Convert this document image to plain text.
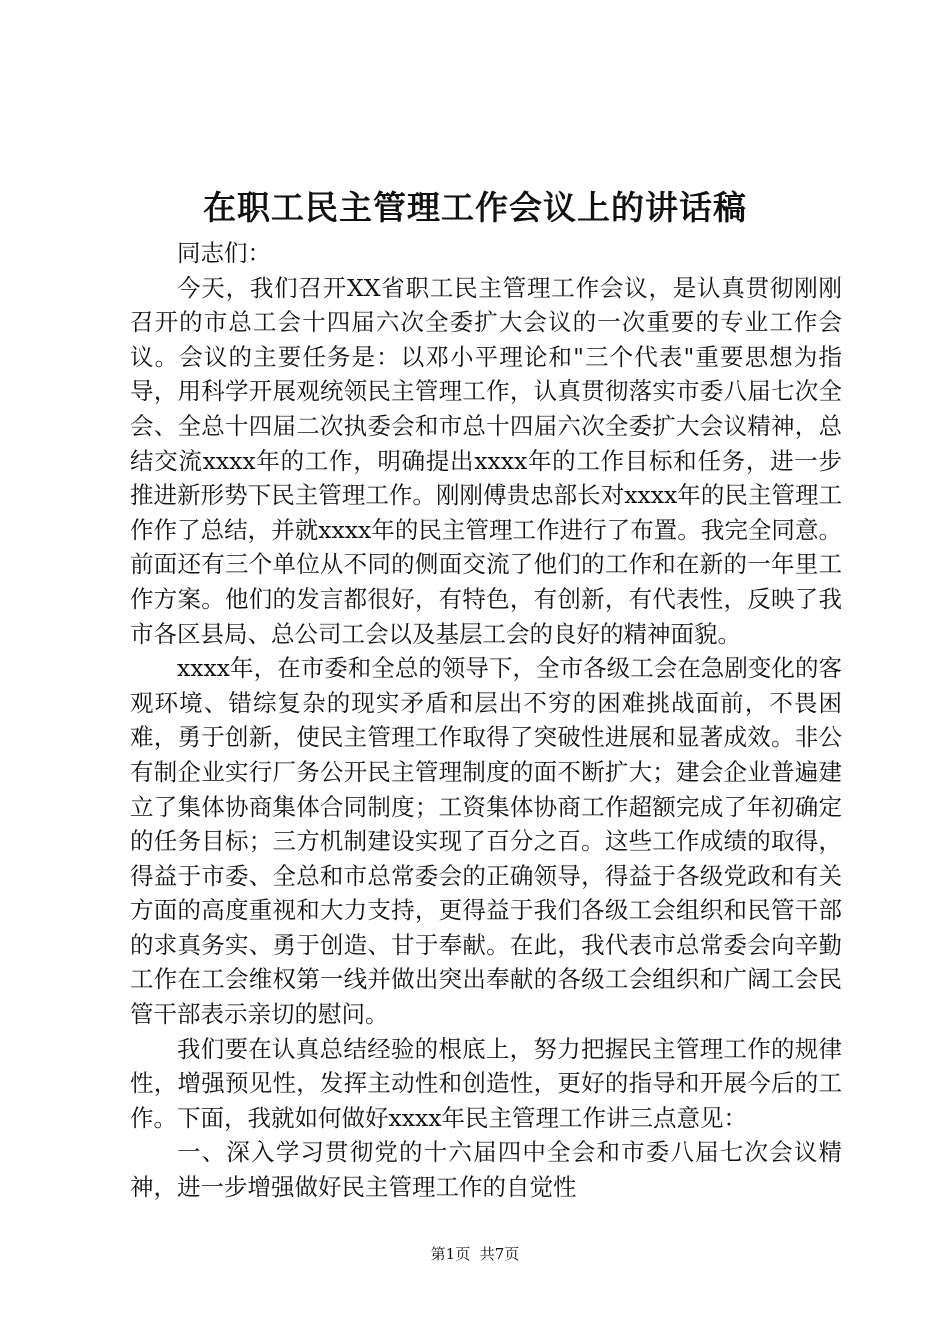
在职工民主管理工作会议上的讲话稿

同志们：

今天，我们召开XX省职工民主管理工作会议，是认真贯彻刚刚召开的市总工会十四届六次全委扩大会议的一次重要的专业工作会议。会议的主要任务是：以邓小平理论和"三个代表"重要思想为指导，用科学开展观统领民主管理工作，认真贯彻落实市委八届七次全会、全总十四届二次执委会和市总十四届六次全委扩大会议精神，总结交流xxxx年的工作，明确提出xxxx年的工作目标和任务，进一步推进新形势下民主管理工作。刚刚傅贵忠部长对xxxx年的民主管理工作作了总结，并就xxxx年的民主管理工作进行了布置。我完全同意。前面还有三个单位从不同的侧面交流了他们的工作和在新的一年里工作方案。他们的发言都很好，有特色，有创新，有代表性，反映了我市各区县局、总公司工会以及基层工会的良好的精神面貌。

xxxx年，在市委和全总的领导下，全市各级工会在急剧变化的客观环境、错综复杂的现实矛盾和层出不穷的困难挑战面前，不畏困难，勇于创新，使民主管理工作取得了突破性进展和显著成效。非公有制企业实行厂务公开民主管理制度的面不断扩大；建会企业普遍建立了集体协商集体合同制度；工资集体协商工作超额完成了年初确定的任务目标；三方机制建设实现了百分之百。这些工作成绩的取得，得益于市委、全总和市总常委会的正确领导，得益于各级党政和有关方面的高度重视和大力支持，更得益于我们各级工会组织和民管干部的求真务实、勇于创造、甘于奉献。在此，我代表市总常委会向辛勤工作在工会维权第一线并做出突出奉献的各级工会组织和广阔工会民管干部表示亲切的慰问。

我们要在认真总结经验的根底上，努力把握民主管理工作的规律性，增强预见性，发挥主动性和创造性，更好的指导和开展今后的工作。下面，我就如何做好xxxx年民主管理工作讲三点意见：

一、深入学习贯彻党的十六届四中全会和市委八届七次会议精神，进一步增强做好民主管理工作的自觉性

第1页 共7页
